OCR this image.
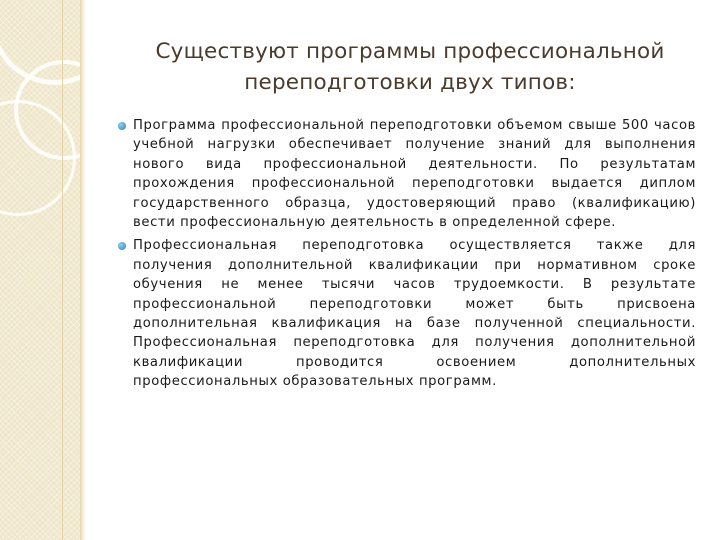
Существуют программы профессиональной
переподготовки двух типов:
Программа профессиональной переподготовки объемом свыше 500 часов учебной нагрузки обеспечивает получение знаний для выполнения нового вида профессиональной деятельности. По результатам прохождения профессиональной переподготовки выдается диплом государственного образца, удостоверяющий право (квалификацию) вести профессиональную деятельность в определенной сфере.
Профессиональная переподготовка осуществляется также для получения дополнительной квалификации при нормативном сроке обучения не менее тысячи часов трудоемкости. В результате профессиональной переподготовки может быть присвоена дополнительная квалификация на базе полученной специальности. Профессиональная переподготовка для получения дополнительной квалификации проводится освоением дополнительных профессиональных образовательных программ.
